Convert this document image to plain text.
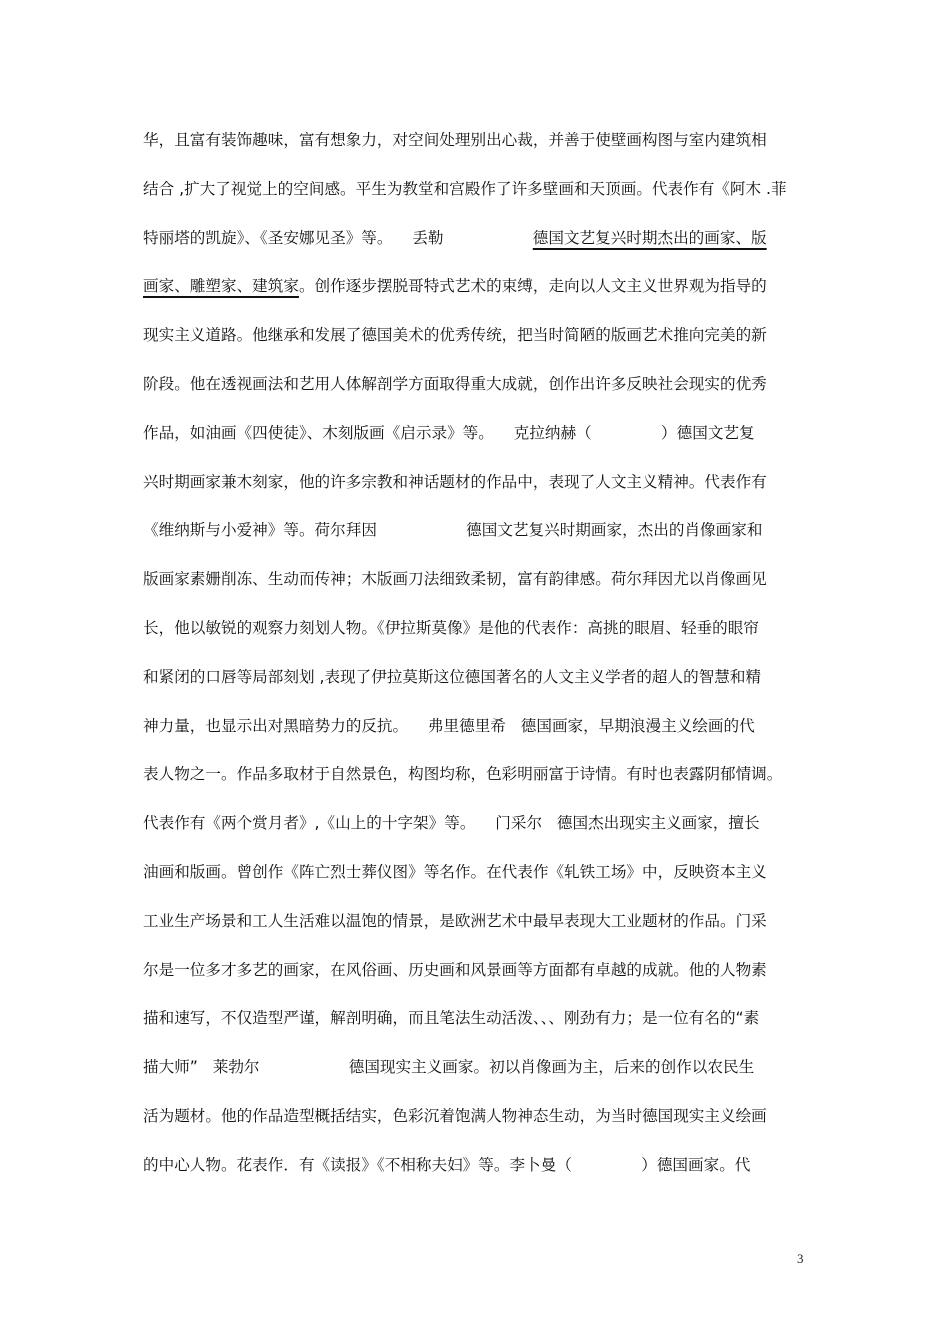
华，且富有装饰趣味，富有想象力，对空间处理别出心裁，并善于使壁画构图与室内建筑相
结合 ,扩大了视觉上的空间感。平生为教堂和宫殿作了许多壁画和天顶画。代表作有《阿木 .菲
特丽塔的凯旋》、《圣安娜见圣》等。    丢勒                  德国文艺复兴时期杰出的画家、版
画家、雕塑家、建筑家。创作逐步摆脱哥特式艺术的束缚，走向以人文主义世界观为指导的
现实主义道路。他继承和发展了德国美术的优秀传统，把当时简陋的版画艺术推向完美的新
阶段。他在透视画法和艺用人体解剖学方面取得重大成就，创作出许多反映社会现实的优秀
作品，如油画《四使徒》、木刻版画《启示录》等。    克拉纳赫（              ）德国文艺复
兴时期画家兼木刻家，他的许多宗教和神话题材的作品中，表现了人文主义精神。代表作有
《维纳斯与小爱神》等。荷尔拜因                  德国文艺复兴时期画家，杰出的肖像画家和
版画家素姗削冻、生动而传神；木版画刀法细致柔韧，富有韵律感。荷尔拜因尤以肖像画见
长，他以敏锐的观察力刻划人物。《伊拉斯莫像》是他的代表作：高挑的眼眉、轻垂的眼帘
和紧闭的口唇等局部刻划 ,表现了伊拉莫斯这位德国著名的人文主义学者的超人的智慧和精
神力量，也显示出对黑暗势力的反抗。    弗里德里希   德国画家，早期浪漫主义绘画的代
表人物之一。作品多取材于自然景色，构图均称，色彩明丽富于诗情。有时也表露阴郁情调。
代表作有《两个赏月者》,《山上的十字架》等。    门采尔   德国杰出现实主义画家，擅长
油画和版画。曾创作《阵亡烈士葬仪图》等名作。在代表作《轧铁工场》中，反映资本主义
工业生产场景和工人生活难以温饱的情景，是欧洲艺术中最早表现大工业题材的作品。门采
尔是一位多才多艺的画家，在风俗画、历史画和风景画等方面都有卓越的成就。他的人物素
描和速写，不仅造型严谨，解剖明确，而且笔法生动活泼、、、刚劲有力；是一位有名的“素
描大师”   莱勃尔                  德国现实主义画家。初以肖像画为主，后来的创作以农民生
活为题材。他的作品造型概括结实，色彩沉着饱满人物神态生动，为当时德国现实主义绘画
的中心人物。花表作．有《读报》《不相称夫妇》等。李卜曼（              ）德国画家。代
3
